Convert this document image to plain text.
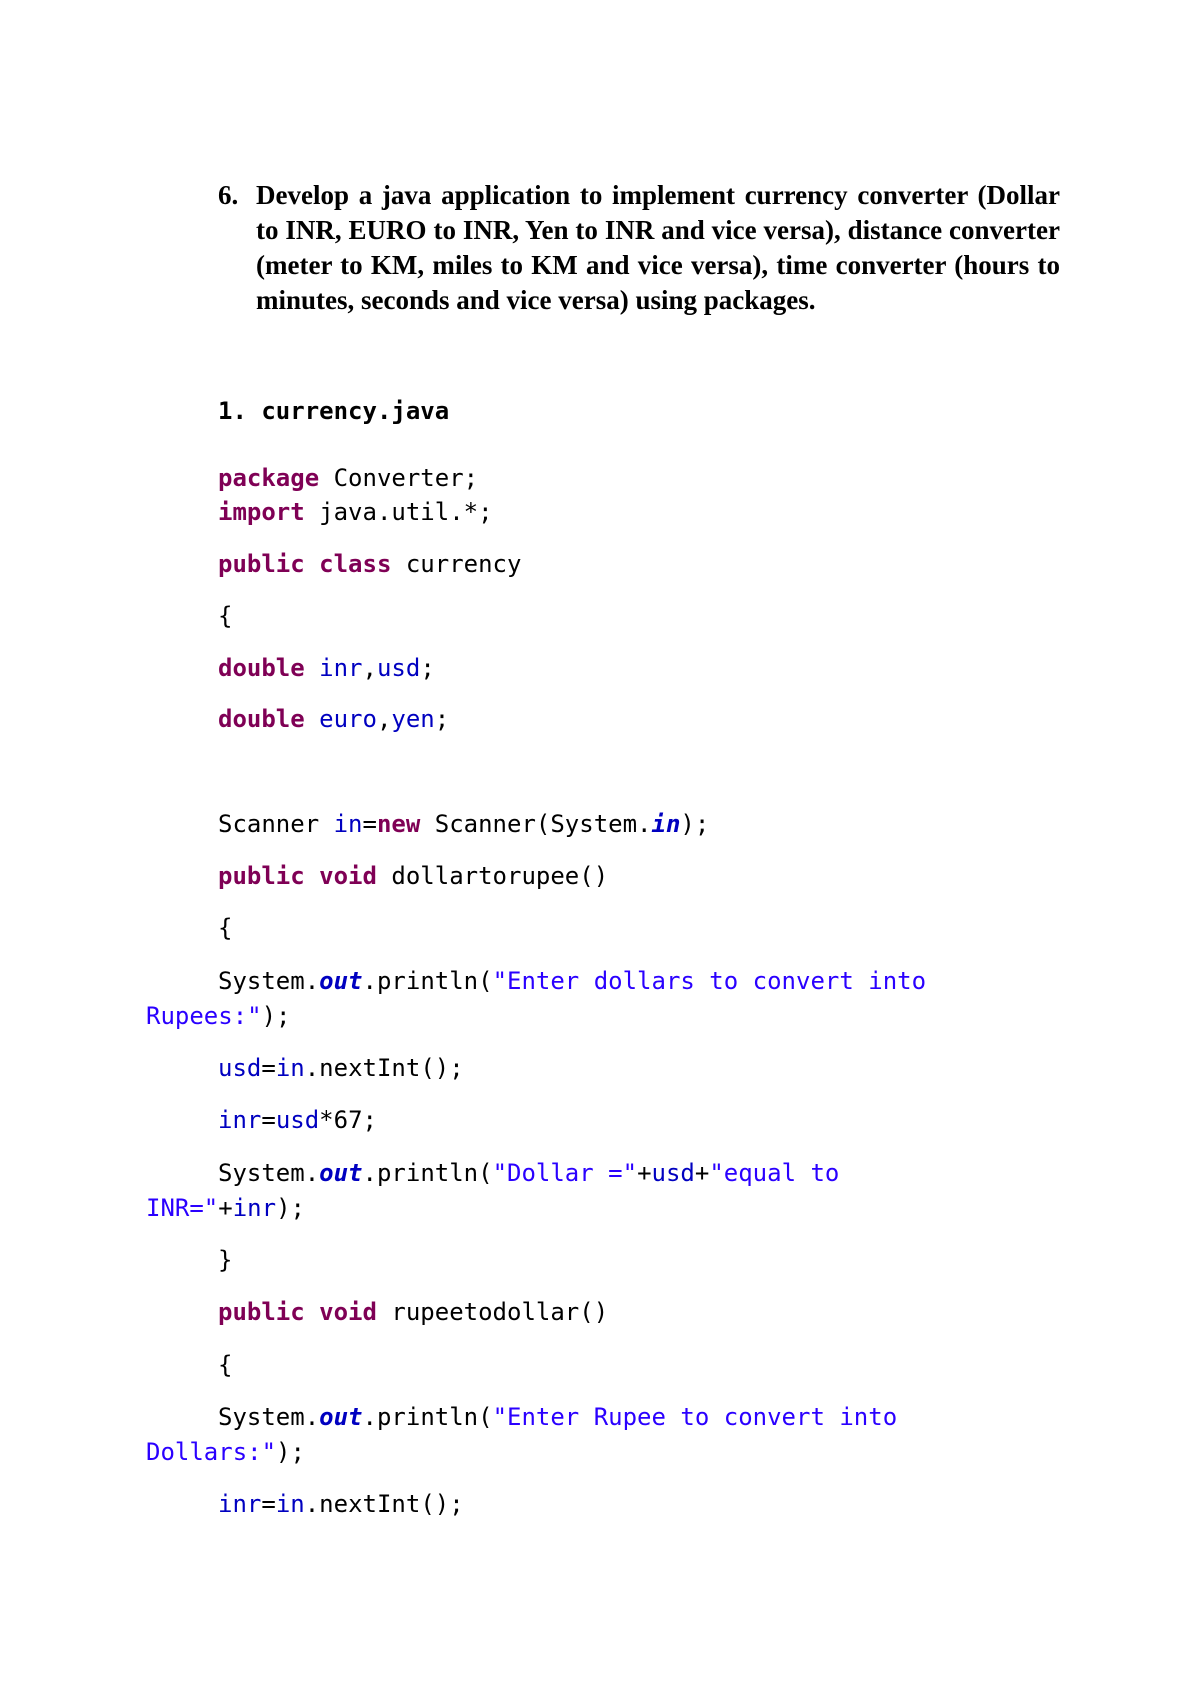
6. Develop a java application to implement currency converter (Dollar to INR, EURO to INR, Yen to INR and vice versa), distance converter (meter to KM, miles to KM and vice versa), time converter (hours to minutes, seconds and vice versa) using packages.
1. currency.java
package Converter;
import java.util.*;
public class currency
{
double inr,usd;
double euro,yen;
Scanner in=new Scanner(System.in);
public void dollartorupee()
{
System.out.println("Enter dollars to convert into
Rupees:");
usd=in.nextInt();
inr=usd*67;
System.out.println("Dollar ="+usd+"equal to
INR="+inr);
}
public void rupeetodollar()
{
System.out.println("Enter Rupee to convert into
Dollars:");
inr=in.nextInt();
